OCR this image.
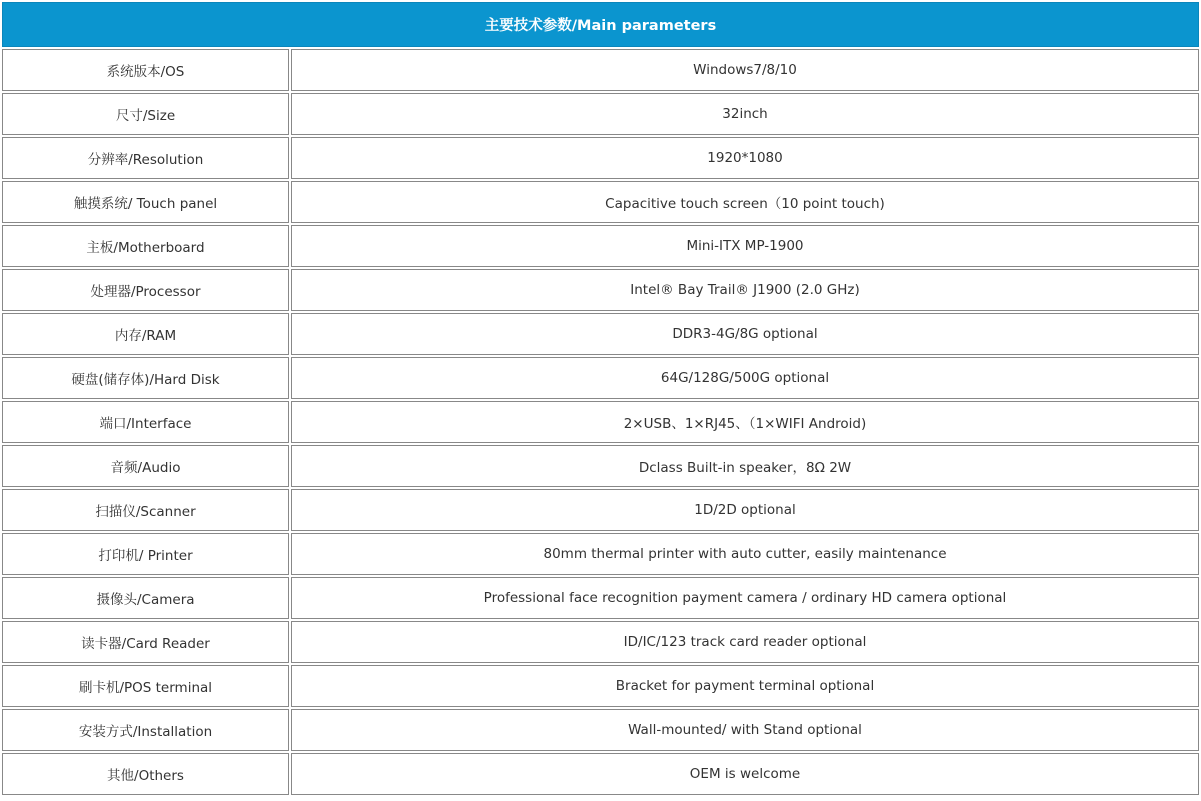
主要技术参数/Main parameters	
系统版本/OS	Windows7/8/10
尺寸/Size	32inch
分辨率/Resolution	1920*1080
触摸系统/ Touch panel	Capacitive touch screen（10 point touch)
主板/Motherboard	Mini-ITX MP-1900
处理器/Processor	Intel® Bay Trail® J1900 (2.0 GHz)
内存/RAM	DDR3-4G/8G optional
硬盘(储存体)/Hard Disk	64G/128G/500G optional
端口/Interface	2×USB、1×RJ45、（1×WIFI Android)
音频/Audio	Dclass Built-in speaker，8Ω 2W
扫描仪/Scanner	1D/2D optional
打印机/ Printer	80mm thermal printer with auto cutter, easily maintenance
摄像头/Camera	Professional face recognition payment camera / ordinary HD camera optional
读卡器/Card Reader	ID/IC/123 track card reader optional
刷卡机/POS terminal	Bracket for payment terminal optional
安装方式/Installation	Wall-mounted/ with Stand optional
其他/Others	OEM is welcome
